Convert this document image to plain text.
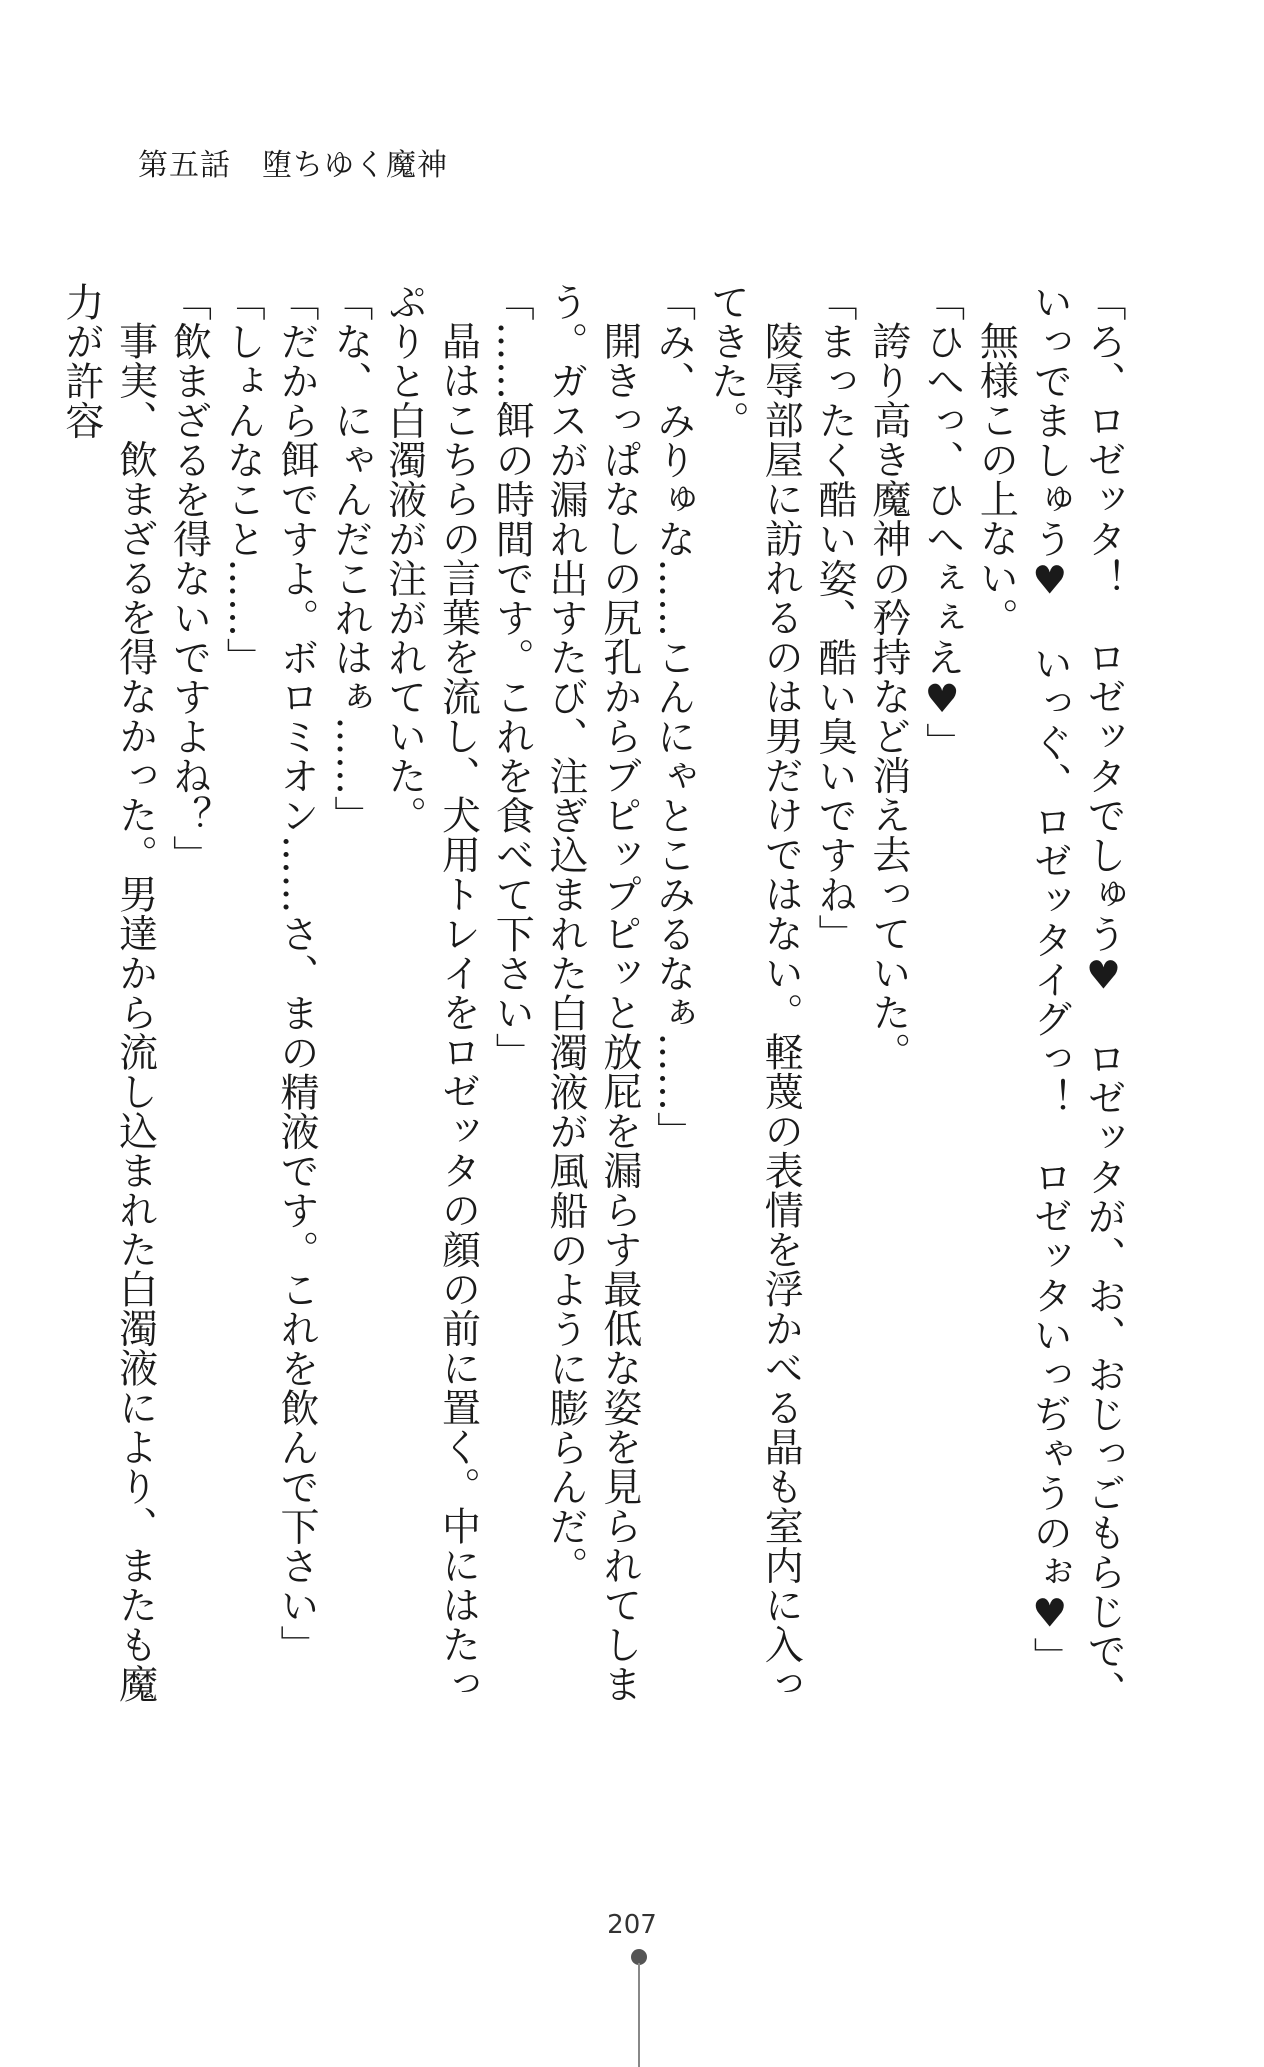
第五話　堕ちゆく魔神

「ろ、ロゼッタ！　ロゼッタでしゅう♥　ロゼッタが、お、おじっごもらじで、いっでましゅう♥　いっぐ、ロゼッタイグっ！　ロゼッタいっぢゃうのぉ♥」

無様この上ない。

「ひへっ、ひへぇぇえ♥」

誇り高き魔神の矜持など消え去っていた。

「まったく酷い姿、酷い臭いですね」

陵辱部屋に訪れるのは男だけではない。軽蔑の表情を浮かべる晶も室内に入ってきた。

「み、みりゅな……こんにゃとこみるなぁ……」

開きっぱなしの尻孔からブピップピッと放屁を漏らす最低な姿を見られてしまう。ガスが漏れ出すたび、注ぎ込まれた白濁液が風船のように膨らんだ。

「……餌の時間です。これを食べて下さい」

晶はこちらの言葉を流し、犬用トレイをロゼッタの顔の前に置く。中にはたっぷりと白濁液が注がれていた。

「な、にゃんだこれはぁ……」

「だから餌ですよ。ボロミオン……さ、まの精液です。これを飲んで下さい」

「しょんなこと……」

「飲まざるを得ないですよね？」

事実、飲まざるを得なかった。男達から流し込まれた白濁液により、またも魔力が許容

207
